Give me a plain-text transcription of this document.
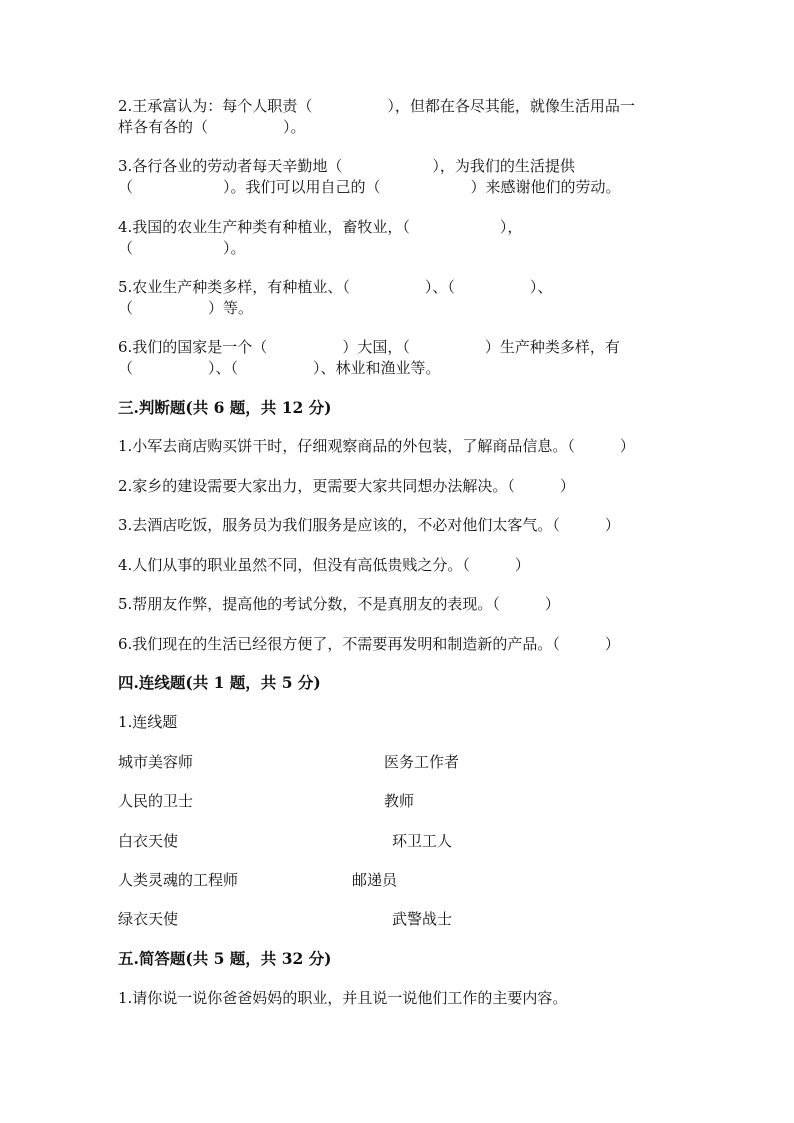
2.王承富认为：每个人职责（　　　　　），但都在各尽其能，就像生活用品一
样各有各的（　　　　　）。
3.各行各业的劳动者每天辛勤地（　　　　　　），为我们的生活提供
（　　　　　　）。我们可以用自己的（　　　　　　）来感谢他们的劳动。
4.我国的农业生产种类有种植业，畜牧业，（　　　　　　），
（　　　　　　）。
5.农业生产种类多样，有种植业、（　　　　　）、（　　　　　）、
（　　　　　）等。
6.我们的国家是一个（　　　　　）大国，（　　　　　）生产种类多样，有
（　　　　　）、（　　　　　）、林业和渔业等。
三.判断题(共 6 题，共 12 分)
1.小军去商店购买饼干时，仔细观察商品的外包装，了解商品信息。（　　　）
2.家乡的建设需要大家出力，更需要大家共同想办法解决。（　　　）
3.去酒店吃饭，服务员为我们服务是应该的，不必对他们太客气。（　　　）
4.人们从事的职业虽然不同，但没有高低贵贱之分。（　　　）
5.帮朋友作弊，提高他的考试分数，不是真朋友的表现。（　　　）
6.我们现在的生活已经很方便了，不需要再发明和制造新的产品。（　　　）
四.连线题(共 1 题，共 5 分)
1.连线题
城市美容师	医务工作者
人民的卫士	教师
白衣天使	环卫工人
人类灵魂的工程师	邮递员
绿衣天使	武警战士
五.简答题(共 5 题，共 32 分)
1.请你说一说你爸爸妈妈的职业，并且说一说他们工作的主要内容。
